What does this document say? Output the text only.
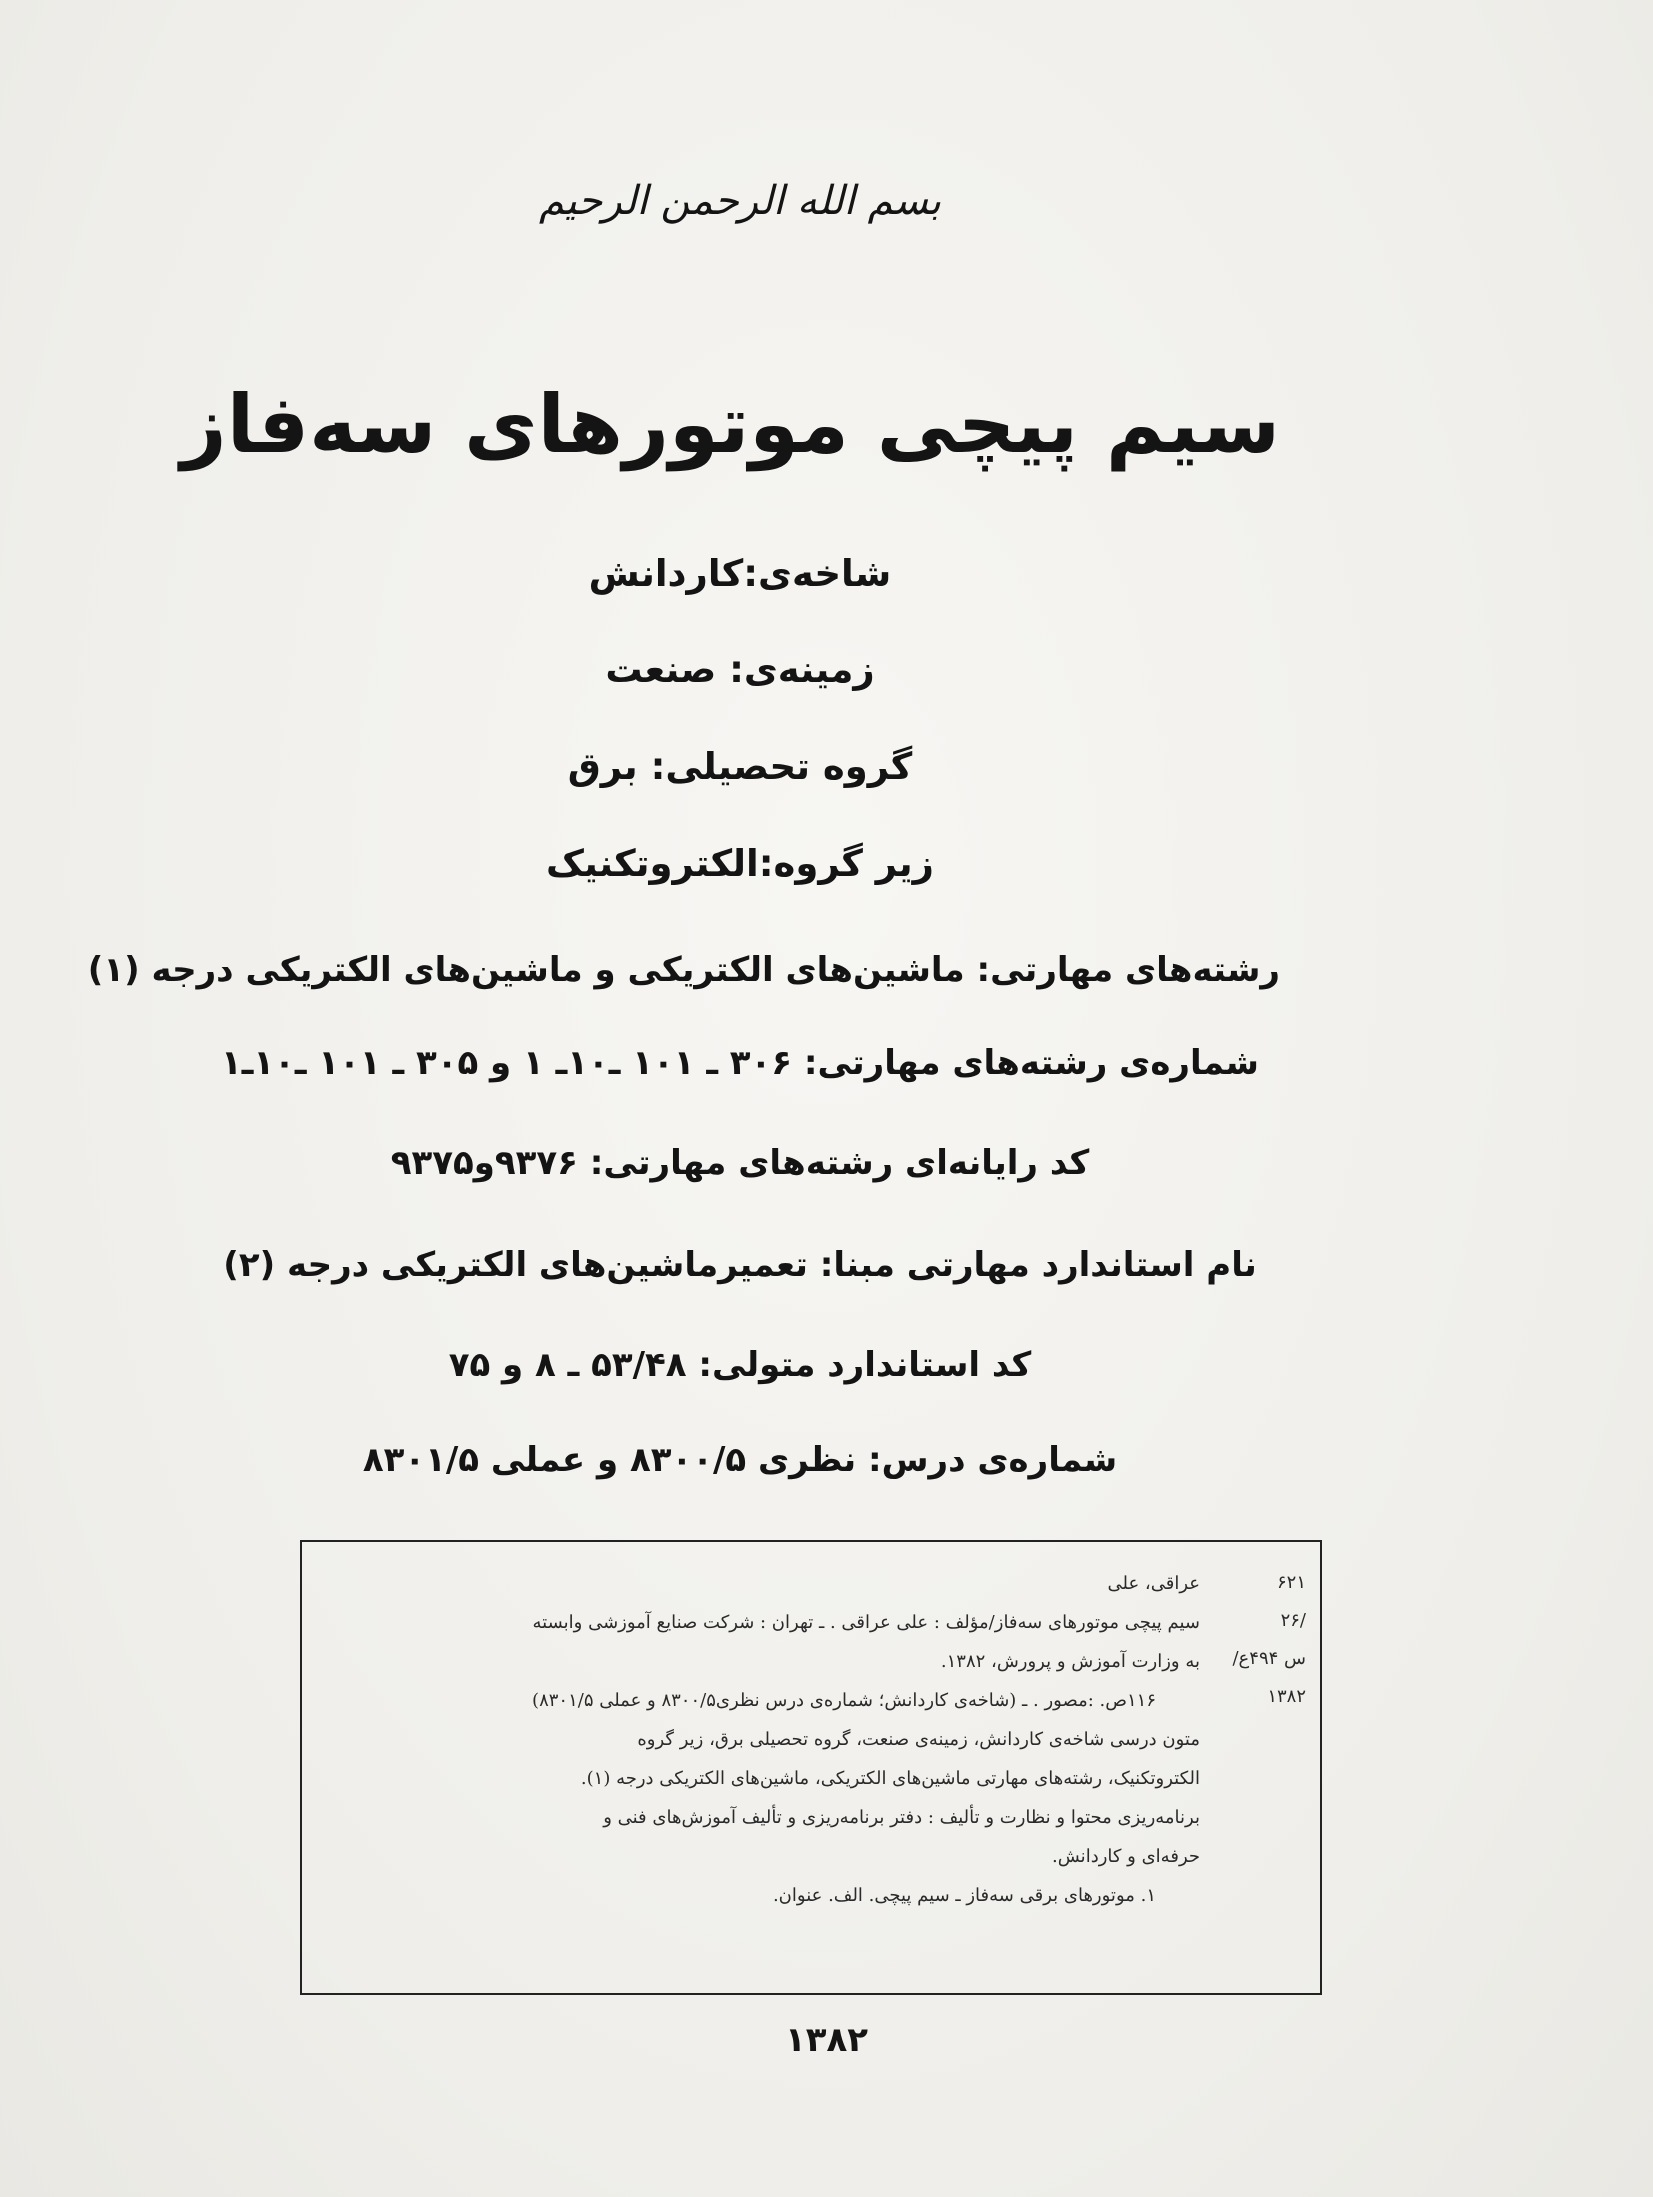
بسم الله الرحمن الرحيم
سیم پیچی موتورهای سه‌فاز
شاخه‌ی:کاردانش
زمینه‌ی: صنعت
گروه تحصیلی: برق
زیر گروه:الکتروتکنیک
رشته‌های مهارتی: ماشین‌های الکتریکی و ماشین‌های الکتریکی درجه (۱)
شماره‌ی رشته‌های مهارتی: ۳۰۶ ـ ۱۰۱ ـ۱۰ـ ۱ و ۳۰۵ ـ ۱۰۱ ـ۱۰ـ۱
کد رایانه‌ای رشته‌های مهارتی: ۹۳۷۶و۹۳۷۵
نام استاندارد مهارتی مبنا: تعمیرماشین‌های الکتریکی درجه (۲)
کد استاندارد متولی: ۵۳/۴۸ ـ ۸ و ۷۵
شماره‌ی درس: نظری ۸۳۰۰/۵ و عملی ۸۳۰۱/۵
۶۲۱
/۲۶
س ۴۹۴ع/
۱۳۸۲
عراقی، علی
سیم پیچی موتورهای سه‌فاز/مؤلف : علی عراقی . ـ تهران : شرکت صنایع آموزشی وابسته
به وزارت آموزش و پرورش، ۱۳۸۲.
۱۱۶ص. :مصور . ـ (شاخه‌ی کاردانش؛ شماره‌ی درس نظری۸۳۰۰/۵ و عملی ۸۳۰۱/۵)
متون درسی شاخه‌ی کاردانش، زمینه‌ی صنعت، گروه تحصیلی برق، زیر گروه
الکتروتکنیک، رشته‌های مهارتی ماشین‌های الکتریکی، ماشین‌های الکتریکی درجه (۱).
برنامه‌ریزی محتوا و نظارت و تألیف : دفتر برنامه‌ریزی و تألیف آموزش‌های فنی و
حرفه‌ای و کاردانش.
۱. موتورهای برقی سه‌فاز ـ سیم پیچی. الف. عنوان.
۱۳۸۲
